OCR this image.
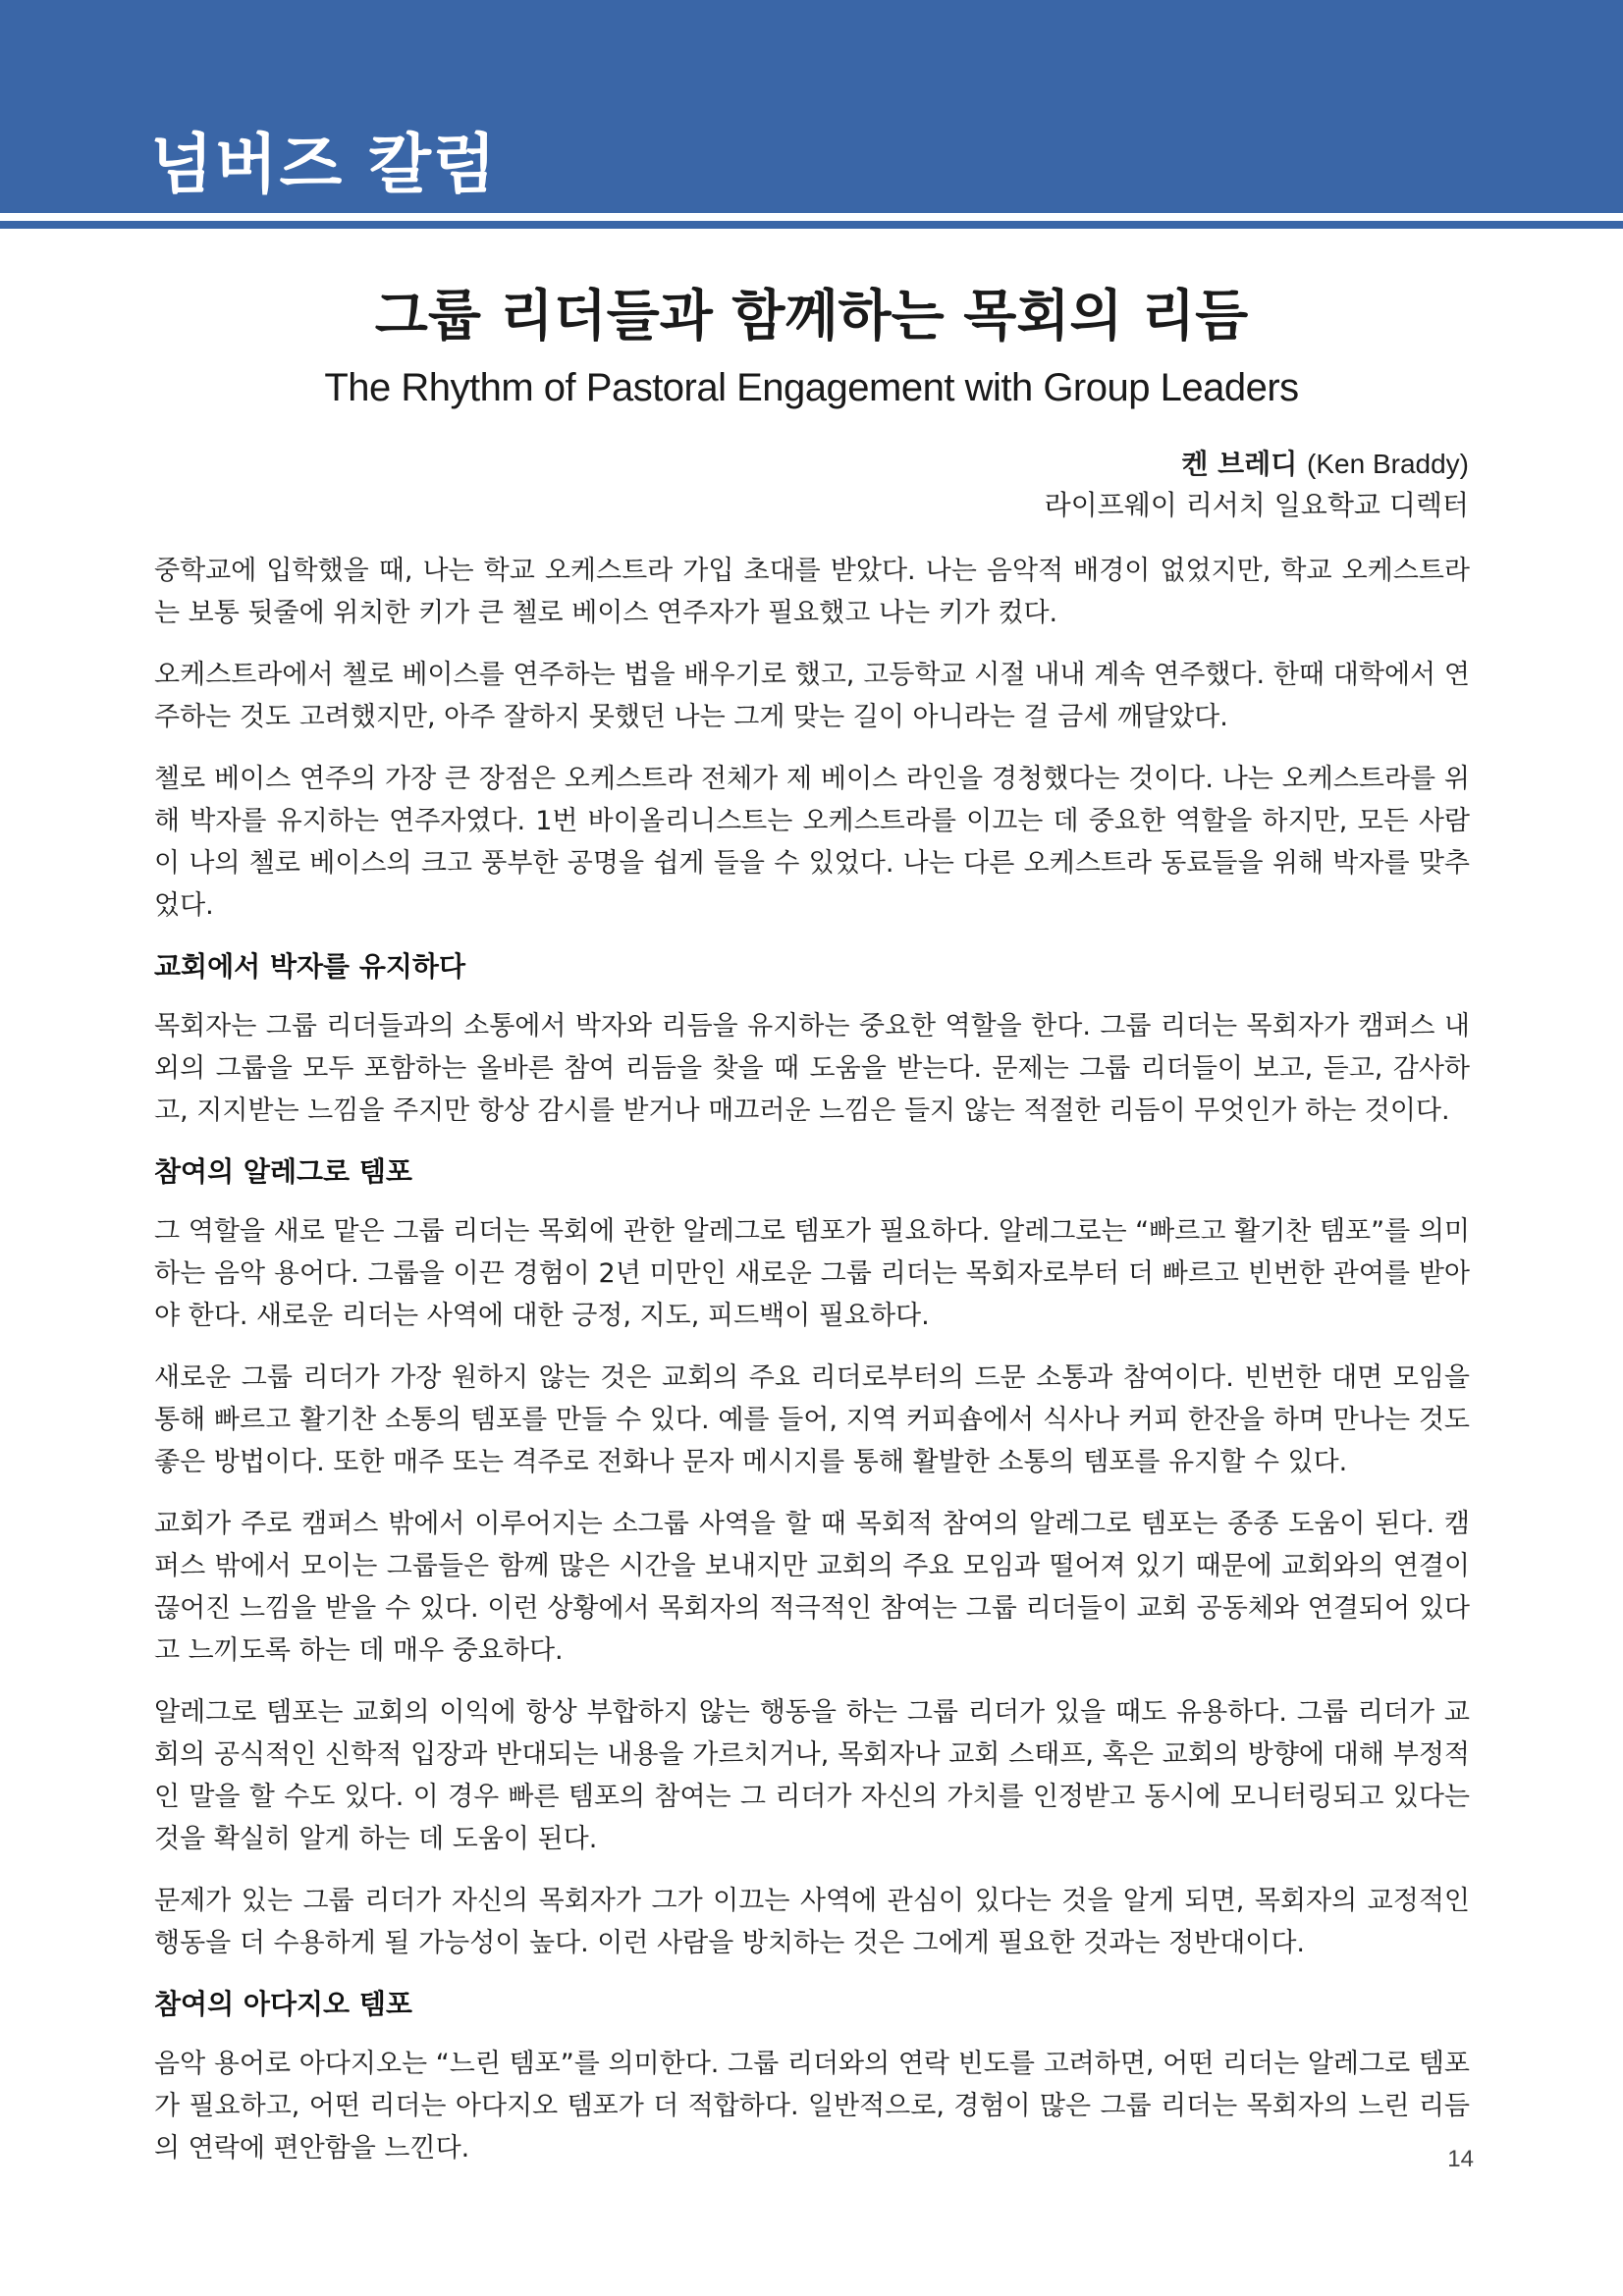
넘버즈 칼럼
그룹 리더들과 함께하는 목회의 리듬

The Rhythm of Pastoral Engagement with Group Leaders

켄 브레디 (Ken Braddy)

라이프웨이 리서치 일요학교 디렉터

중학교에 입학했을 때, 나는 학교 오케스트라 가입 초대를 받았다. 나는 음악적 배경이 없었지만, 학교 오케스트라는 보통 뒷줄에 위치한 키가 큰 첼로 베이스 연주자가 필요했고 나는 키가 컸다.

오케스트라에서 첼로 베이스를 연주하는 법을 배우기로 했고, 고등학교 시절 내내 계속 연주했다. 한때 대학에서 연주하는 것도 고려했지만, 아주 잘하지 못했던 나는 그게 맞는 길이 아니라는 걸 금세 깨달았다.

첼로 베이스 연주의 가장 큰 장점은 오케스트라 전체가 제 베이스 라인을 경청했다는 것이다. 나는 오케스트라를 위해 박자를 유지하는 연주자였다. 1번 바이올리니스트는 오케스트라를 이끄는 데 중요한 역할을 하지만, 모든 사람이 나의 첼로 베이스의 크고 풍부한 공명을 쉽게 들을 수 있었다. 나는 다른 오케스트라 동료들을 위해 박자를 맞추었다.

교회에서 박자를 유지하다

목회자는 그룹 리더들과의 소통에서 박자와 리듬을 유지하는 중요한 역할을 한다. 그룹 리더는 목회자가 캠퍼스 내외의 그룹을 모두 포함하는 올바른 참여 리듬을 찾을 때 도움을 받는다. 문제는 그룹 리더들이 보고, 듣고, 감사하고, 지지받는 느낌을 주지만 항상 감시를 받거나 매끄러운 느낌은 들지 않는 적절한 리듬이 무엇인가 하는 것이다.

참여의 알레그로 템포

그 역할을 새로 맡은 그룹 리더는 목회에 관한 알레그로 템포가 필요하다. 알레그로는 “빠르고 활기찬 템포”를 의미하는 음악 용어다. 그룹을 이끈 경험이 2년 미만인 새로운 그룹 리더는 목회자로부터 더 빠르고 빈번한 관여를 받아야 한다. 새로운 리더는 사역에 대한 긍정, 지도, 피드백이 필요하다.

새로운 그룹 리더가 가장 원하지 않는 것은 교회의 주요 리더로부터의 드문 소통과 참여이다. 빈번한 대면 모임을 통해 빠르고 활기찬 소통의 템포를 만들 수 있다. 예를 들어, 지역 커피숍에서 식사나 커피 한잔을 하며 만나는 것도 좋은 방법이다. 또한 매주 또는 격주로 전화나 문자 메시지를 통해 활발한 소통의 템포를 유지할 수 있다.

교회가 주로 캠퍼스 밖에서 이루어지는 소그룹 사역을 할 때 목회적 참여의 알레그로 템포는 종종 도움이 된다. 캠퍼스 밖에서 모이는 그룹들은 함께 많은 시간을 보내지만 교회의 주요 모임과 떨어져 있기 때문에 교회와의 연결이 끊어진 느낌을 받을 수 있다. 이런 상황에서 목회자의 적극적인 참여는 그룹 리더들이 교회 공동체와 연결되어 있다고 느끼도록 하는 데 매우 중요하다.

알레그로 템포는 교회의 이익에 항상 부합하지 않는 행동을 하는 그룹 리더가 있을 때도 유용하다. 그룹 리더가 교회의 공식적인 신학적 입장과 반대되는 내용을 가르치거나, 목회자나 교회 스태프, 혹은 교회의 방향에 대해 부정적인 말을 할 수도 있다. 이 경우 빠른 템포의 참여는 그 리더가 자신의 가치를 인정받고 동시에 모니터링되고 있다는 것을 확실히 알게 하는 데 도움이 된다.

문제가 있는 그룹 리더가 자신의 목회자가 그가 이끄는 사역에 관심이 있다는 것을 알게 되면, 목회자의 교정적인 행동을 더 수용하게 될 가능성이 높다. 이런 사람을 방치하는 것은 그에게 필요한 것과는 정반대이다.

참여의 아다지오 템포

음악 용어로 아다지오는 “느린 템포”를 의미한다. 그룹 리더와의 연락 빈도를 고려하면, 어떤 리더는 알레그로 템포가 필요하고, 어떤 리더는 아다지오 템포가 더 적합하다. 일반적으로, 경험이 많은 그룹 리더는 목회자의 느린 리듬의 연락에 편안함을 느낀다.	14
